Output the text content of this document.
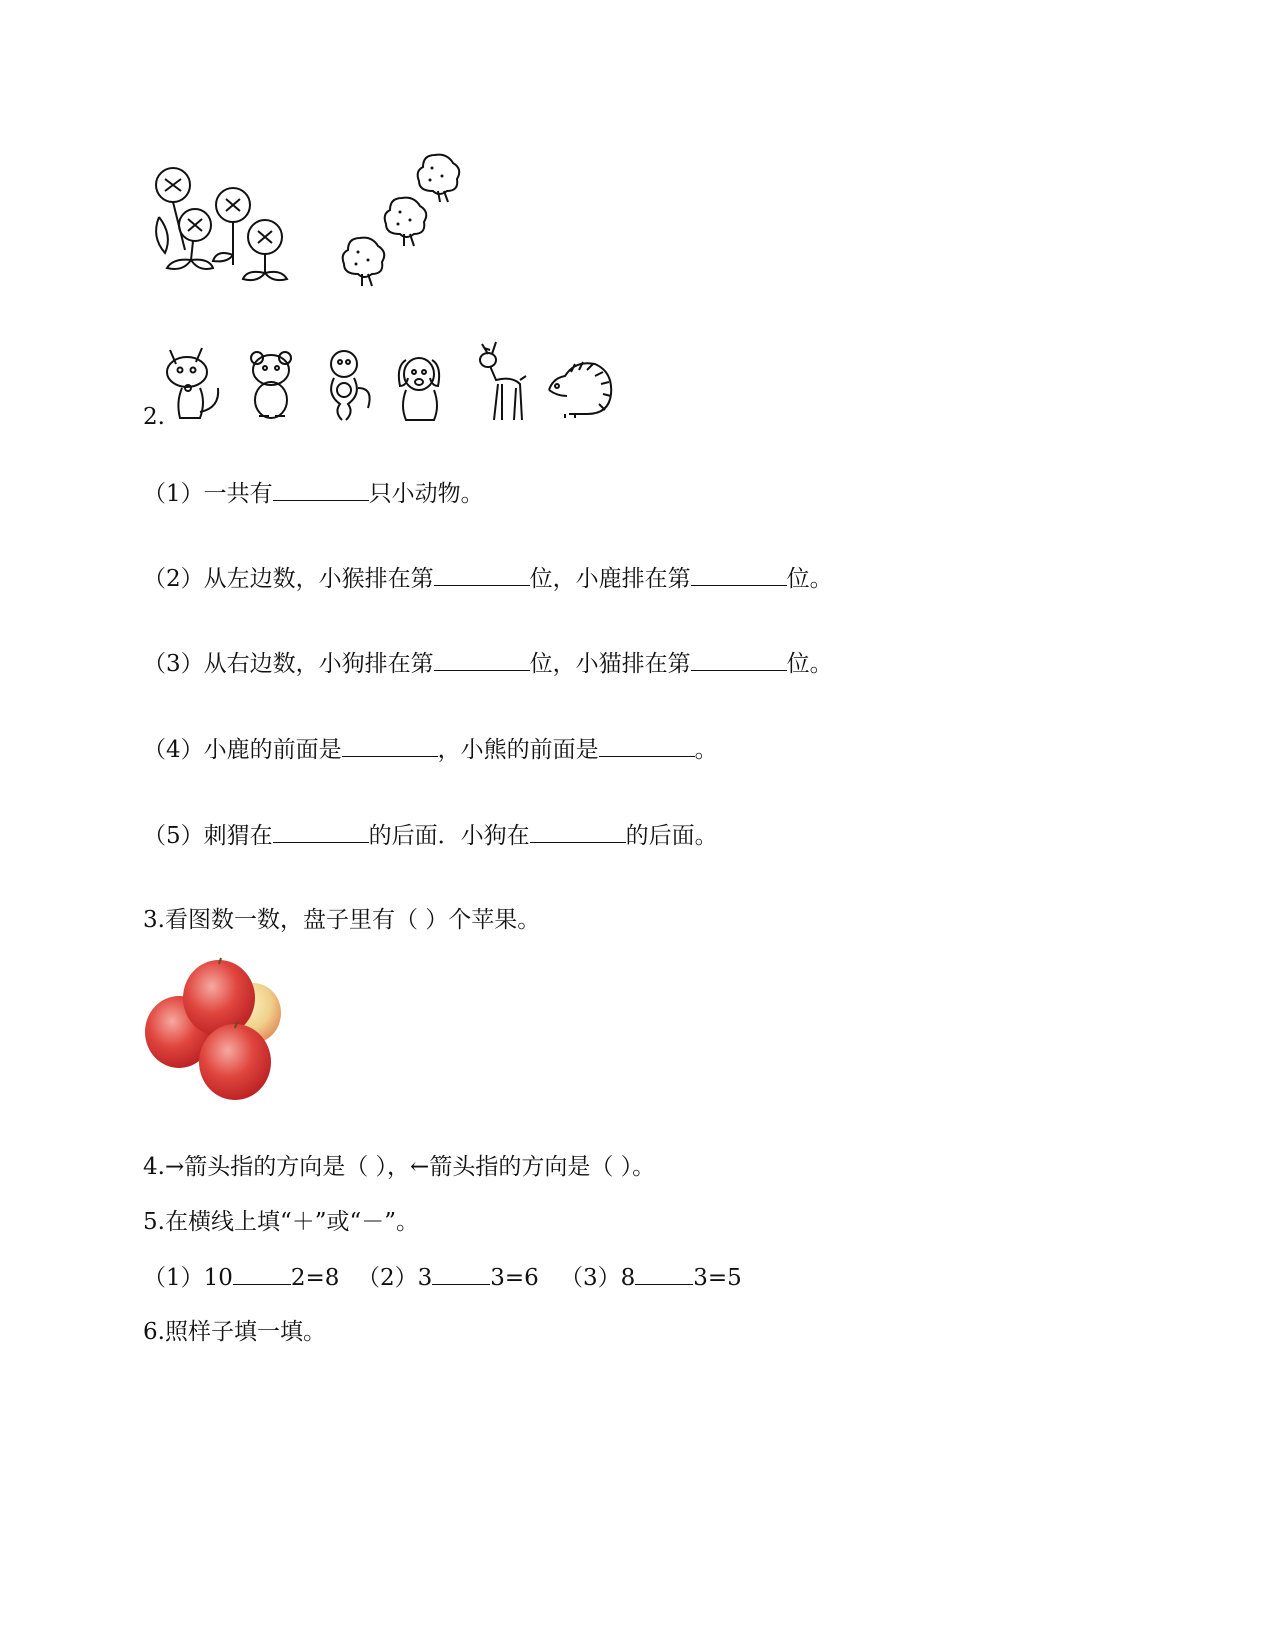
2.
（1）一共有	只小动物。
（2）从左边数，小猴排在第	位，小鹿排在第	位。
（3）从右边数，小狗排在第	位，小猫排在第	位。
（4）小鹿的前面是	，小熊的前面是	。
（5）刺猬在	的后面．小狗在	的后面。
3.看图数一数，盘子里有（ ）个苹果。
4.→箭头指的方向是（ ），←箭头指的方向是（ ）。
5.在横线上填“＋”或“－”。
（1）10	2=8 （2）3	3=6 （3）8	3=5
6.照样子填一填。
